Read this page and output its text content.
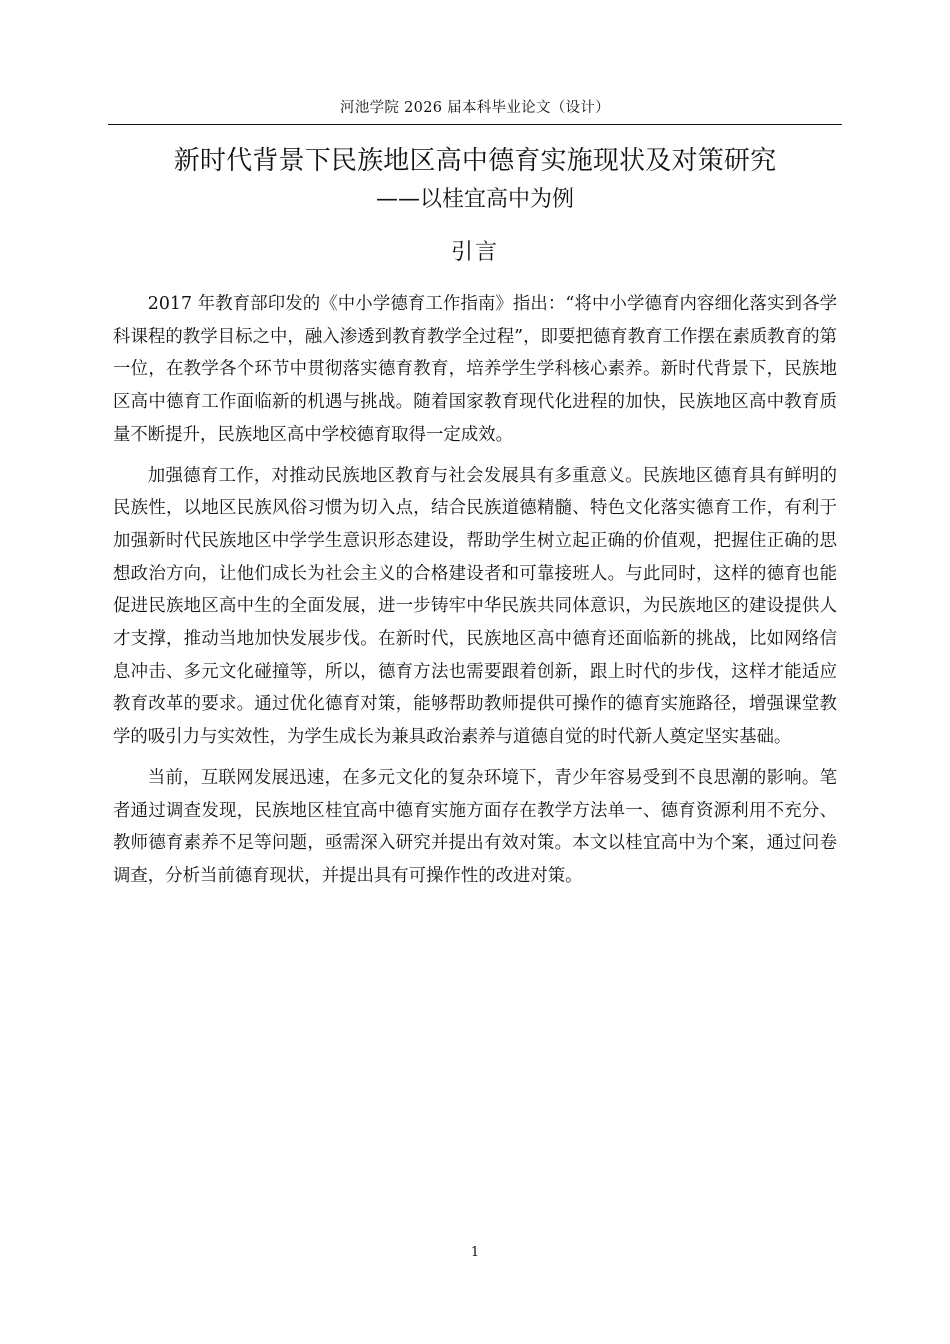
河池学院 2026 届本科毕业论文（设计）
新时代背景下民族地区高中德育实施现状及对策研究
——以桂宜高中为例
引言

2017 年教育部印发的《中小学德育工作指南》指出：“将中小学德育内容细化落实到各学科课程的教学目标之中，融入渗透到教育教学全过程”，即要把德育教育工作摆在素质教育的第一位，在教学各个环节中贯彻落实德育教育，培养学生学科核心素养。新时代背景下，民族地区高中德育工作面临新的机遇与挑战。随着国家教育现代化进程的加快，民族地区高中教育质量不断提升，民族地区高中学校德育取得一定成效。

加强德育工作，对推动民族地区教育与社会发展具有多重意义。民族地区德育具有鲜明的民族性，以地区民族风俗习惯为切入点，结合民族道德精髓、特色文化落实德育工作，有利于加强新时代民族地区中学学生意识形态建设，帮助学生树立起正确的价值观，把握住正确的思想政治方向，让他们成长为社会主义的合格建设者和可靠接班人。与此同时，这样的德育也能促进民族地区高中生的全面发展，进一步铸牢中华民族共同体意识，为民族地区的建设提供人才支撑，推动当地加快发展步伐。在新时代，民族地区高中德育还面临新的挑战，比如网络信息冲击、多元文化碰撞等，所以，德育方法也需要跟着创新，跟上时代的步伐，这样才能适应教育改革的要求。通过优化德育对策，能够帮助教师提供可操作的德育实施路径，增强课堂教学的吸引力与实效性，为学生成长为兼具政治素养与道德自觉的时代新人奠定坚实基础。

当前，互联网发展迅速，在多元文化的复杂环境下，青少年容易受到不良思潮的影响。笔者通过调查发现，民族地区桂宜高中德育实施方面存在教学方法单一、德育资源利用不充分、教师德育素养不足等问题，亟需深入研究并提出有效对策。本文以桂宜高中为个案，通过问卷调查，分析当前德育现状，并提出具有可操作性的改进对策。

1
